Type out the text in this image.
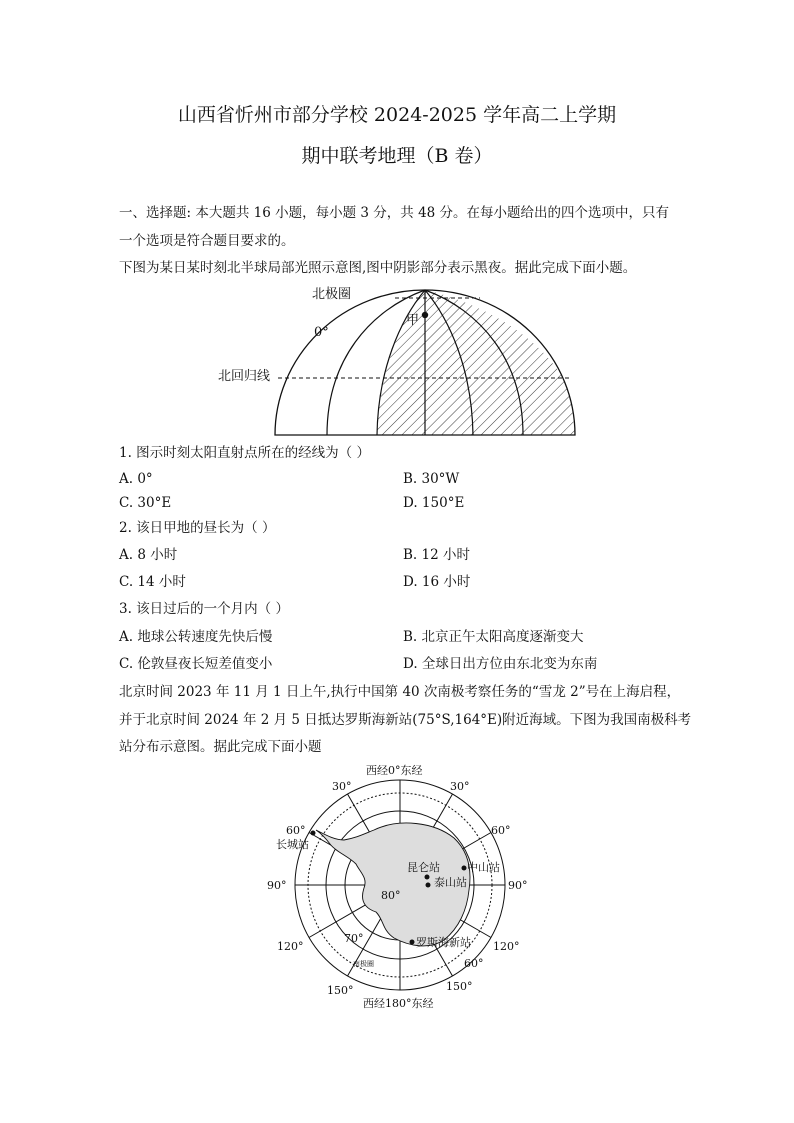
山西省忻州市部分学校 2024-2025 学年高二上学期
期中联考地理（B 卷）
一、选择题: 本大题共 16 小题，每小题 3 分，共 48 分。在每小题给出的四个选项中，只有
一个选项是符合题目要求的。
下图为某日某时刻北半球局部光照示意图,图中阴影部分表示黑夜。据此完成下面小题。
北极圈
0°
甲
北回归线
1. 图示时刻太阳直射点所在的经线为（ ）
A. 0°	B. 30°W
C. 30°E	D. 150°E
2. 该日甲地的昼长为（ ）
A. 8 小时	B. 12 小时
C. 14 小时	D. 16 小时
3. 该日过后的一个月内（ ）
A. 地球公转速度先快后慢	B. 北京正午太阳高度逐渐变大
C. 伦敦昼夜长短差值变小	D. 全球日出方位由东北变为东南
北京时间 2023 年 11 月 1 日上午,执行中国第 40 次南极考察任务的“雪龙 2”号在上海启程，
并于北京时间 2024 年 2 月 5 日抵达罗斯海新站(75°S,164°E)附近海域。下图为我国南极科考
站分布示意图。据此完成下面小题
西经0°东经
西经180°东经
30°	30°
60°	60°
90°	90°
120°	120°
150°	150°
80°
70°
60°
南极圈
长城站
昆仑站 中山站
泰山站
罗斯海新站
